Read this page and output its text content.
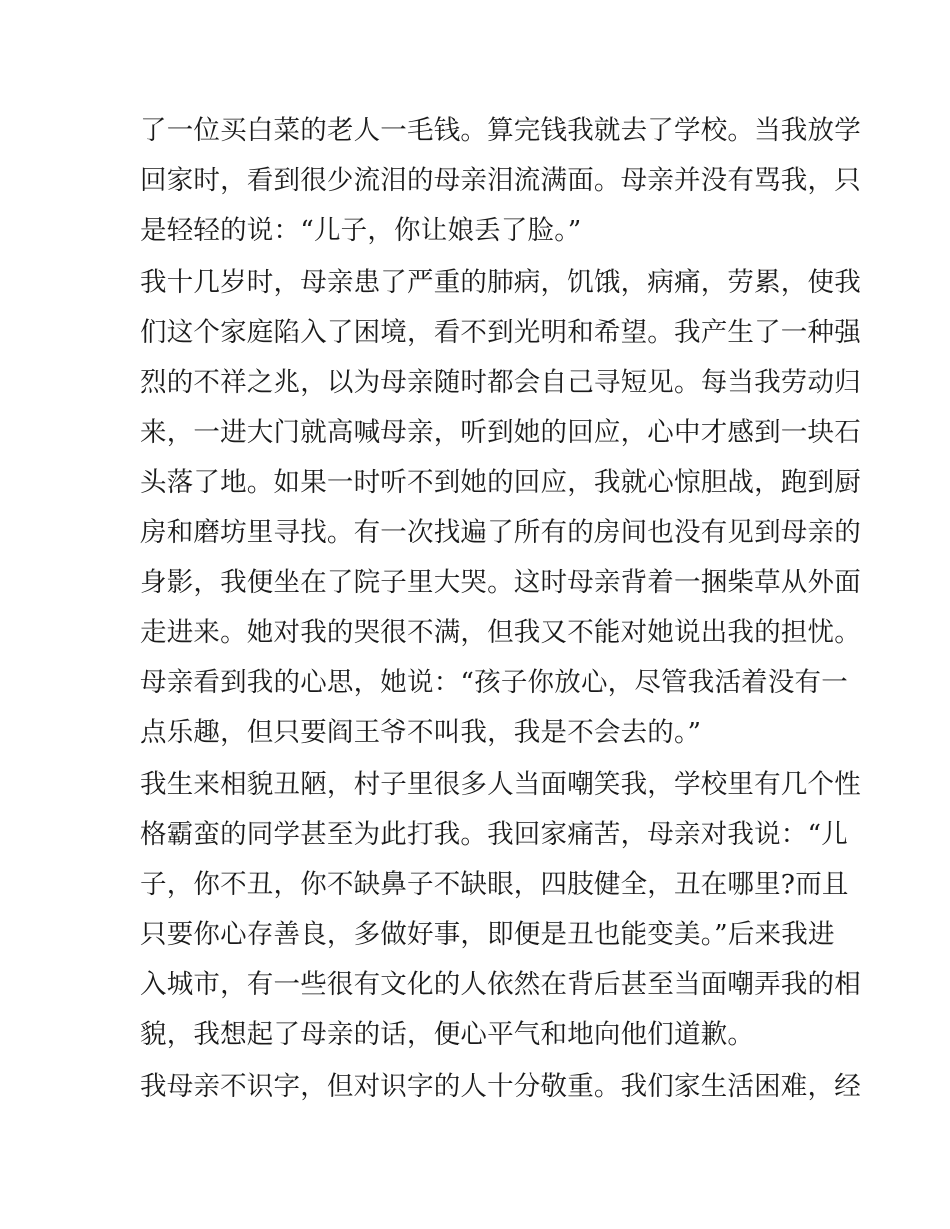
了一位买白菜的老人一毛钱。算完钱我就去了学校。当我放学
回家时，看到很少流泪的母亲泪流满面。母亲并没有骂我，只
是轻轻的说：“儿子，你让娘丢了脸。”
我十几岁时，母亲患了严重的肺病，饥饿，病痛，劳累，使我
们这个家庭陷入了困境，看不到光明和希望。我产生了一种强
烈的不祥之兆，以为母亲随时都会自己寻短见。每当我劳动归
来，一进大门就高喊母亲，听到她的回应，心中才感到一块石
头落了地。如果一时听不到她的回应，我就心惊胆战，跑到厨
房和磨坊里寻找。有一次找遍了所有的房间也没有见到母亲的
身影，我便坐在了院子里大哭。这时母亲背着一捆柴草从外面
走进来。她对我的哭很不满，但我又不能对她说出我的担忧。
母亲看到我的心思，她说：“孩子你放心，尽管我活着没有一
点乐趣，但只要阎王爷不叫我，我是不会去的。”
我生来相貌丑陋，村子里很多人当面嘲笑我，学校里有几个性
格霸蛮的同学甚至为此打我。我回家痛苦，母亲对我说：“儿
子，你不丑，你不缺鼻子不缺眼，四肢健全，丑在哪里?而且
只要你心存善良，多做好事，即便是丑也能变美。”后来我进
入城市，有一些很有文化的人依然在背后甚至当面嘲弄我的相
貌，我想起了母亲的话，便心平气和地向他们道歉。
我母亲不识字，但对识字的人十分敬重。我们家生活困难，经
